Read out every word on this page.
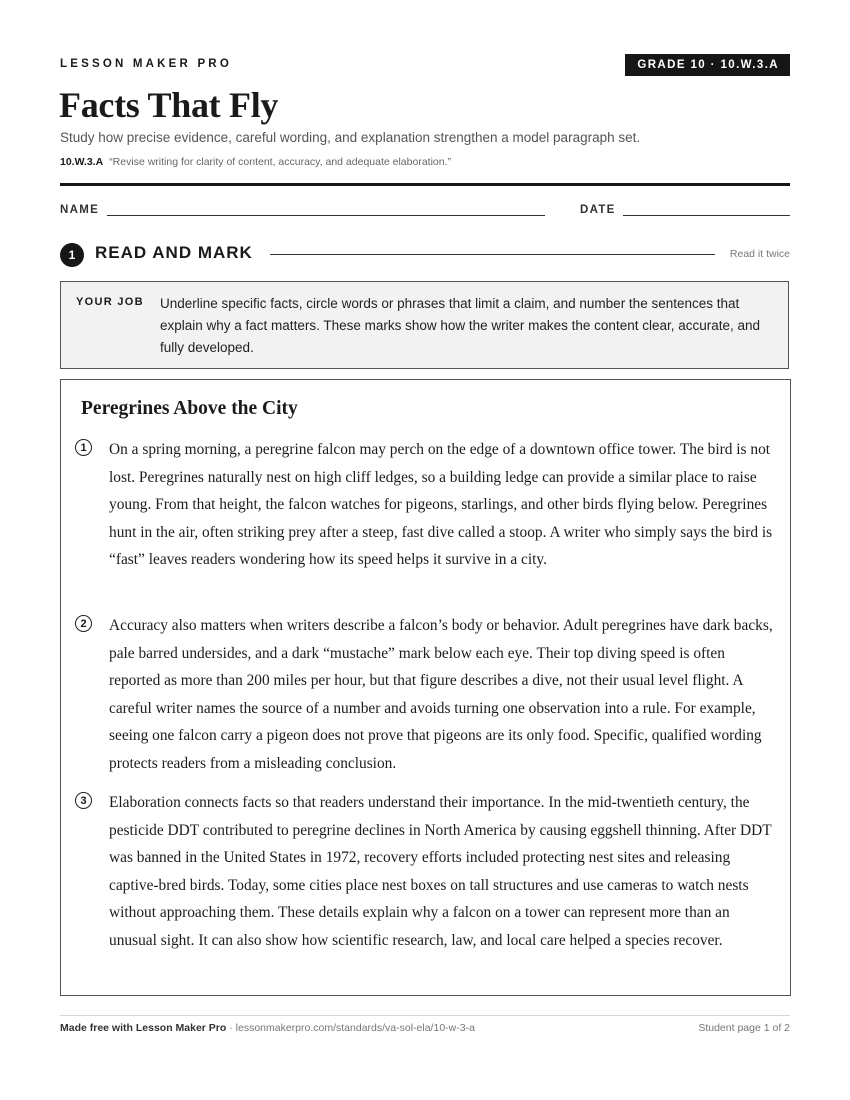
LESSON MAKER PRO	GRADE 10 · 10.W.3.A
Facts That Fly
Study how precise evidence, careful wording, and explanation strengthen a model paragraph set.
10.W.3.A “Revise writing for clarity of content, accuracy, and adequate elaboration.”
NAME	DATE
1	READ AND MARK	Read it twice
YOUR JOB Underline specific facts, circle words or phrases that limit a claim, and number the sentences that explain why a fact matters. These marks show how the writer makes the content clear, accurate, and fully developed.
Peregrines Above the City
1	On a spring morning, a peregrine falcon may perch on the edge of a downtown office tower. The bird is not lost. Peregrines naturally nest on high cliff ledges, so a building ledge can provide a similar place to raise young. From that height, the falcon watches for pigeons, starlings, and other birds flying below. Peregrines hunt in the air, often striking prey after a steep, fast dive called a stoop. A writer who simply says the bird is “fast” leaves readers wondering how its speed helps it survive in a city.

2	Accuracy also matters when writers describe a falcon’s body or behavior. Adult peregrines have dark backs, pale barred undersides, and a dark “mustache” mark below each eye. Their top diving speed is often reported as more than 200 miles per hour, but that figure describes a dive, not their usual level flight. A careful writer names the source of a number and avoids turning one observation into a rule. For example, seeing one falcon carry a pigeon does not prove that pigeons are its only food. Specific, qualified wording protects readers from a misleading conclusion.

3	Elaboration connects facts so that readers understand their importance. In the mid-twentieth century, the pesticide DDT contributed to peregrine declines in North America by causing eggshell thinning. After DDT was banned in the United States in 1972, recovery efforts included protecting nest sites and releasing captive-bred birds. Today, some cities place nest boxes on tall structures and use cameras to watch nests without approaching them. These details explain why a falcon on a tower can represent more than an unusual sight. It can also show how scientific research, law, and local care helped a species recover.

Made free with Lesson Maker Pro · lessonmakerpro.com/standards/va-sol-ela/10-w-3-a	Student page 1 of 2
